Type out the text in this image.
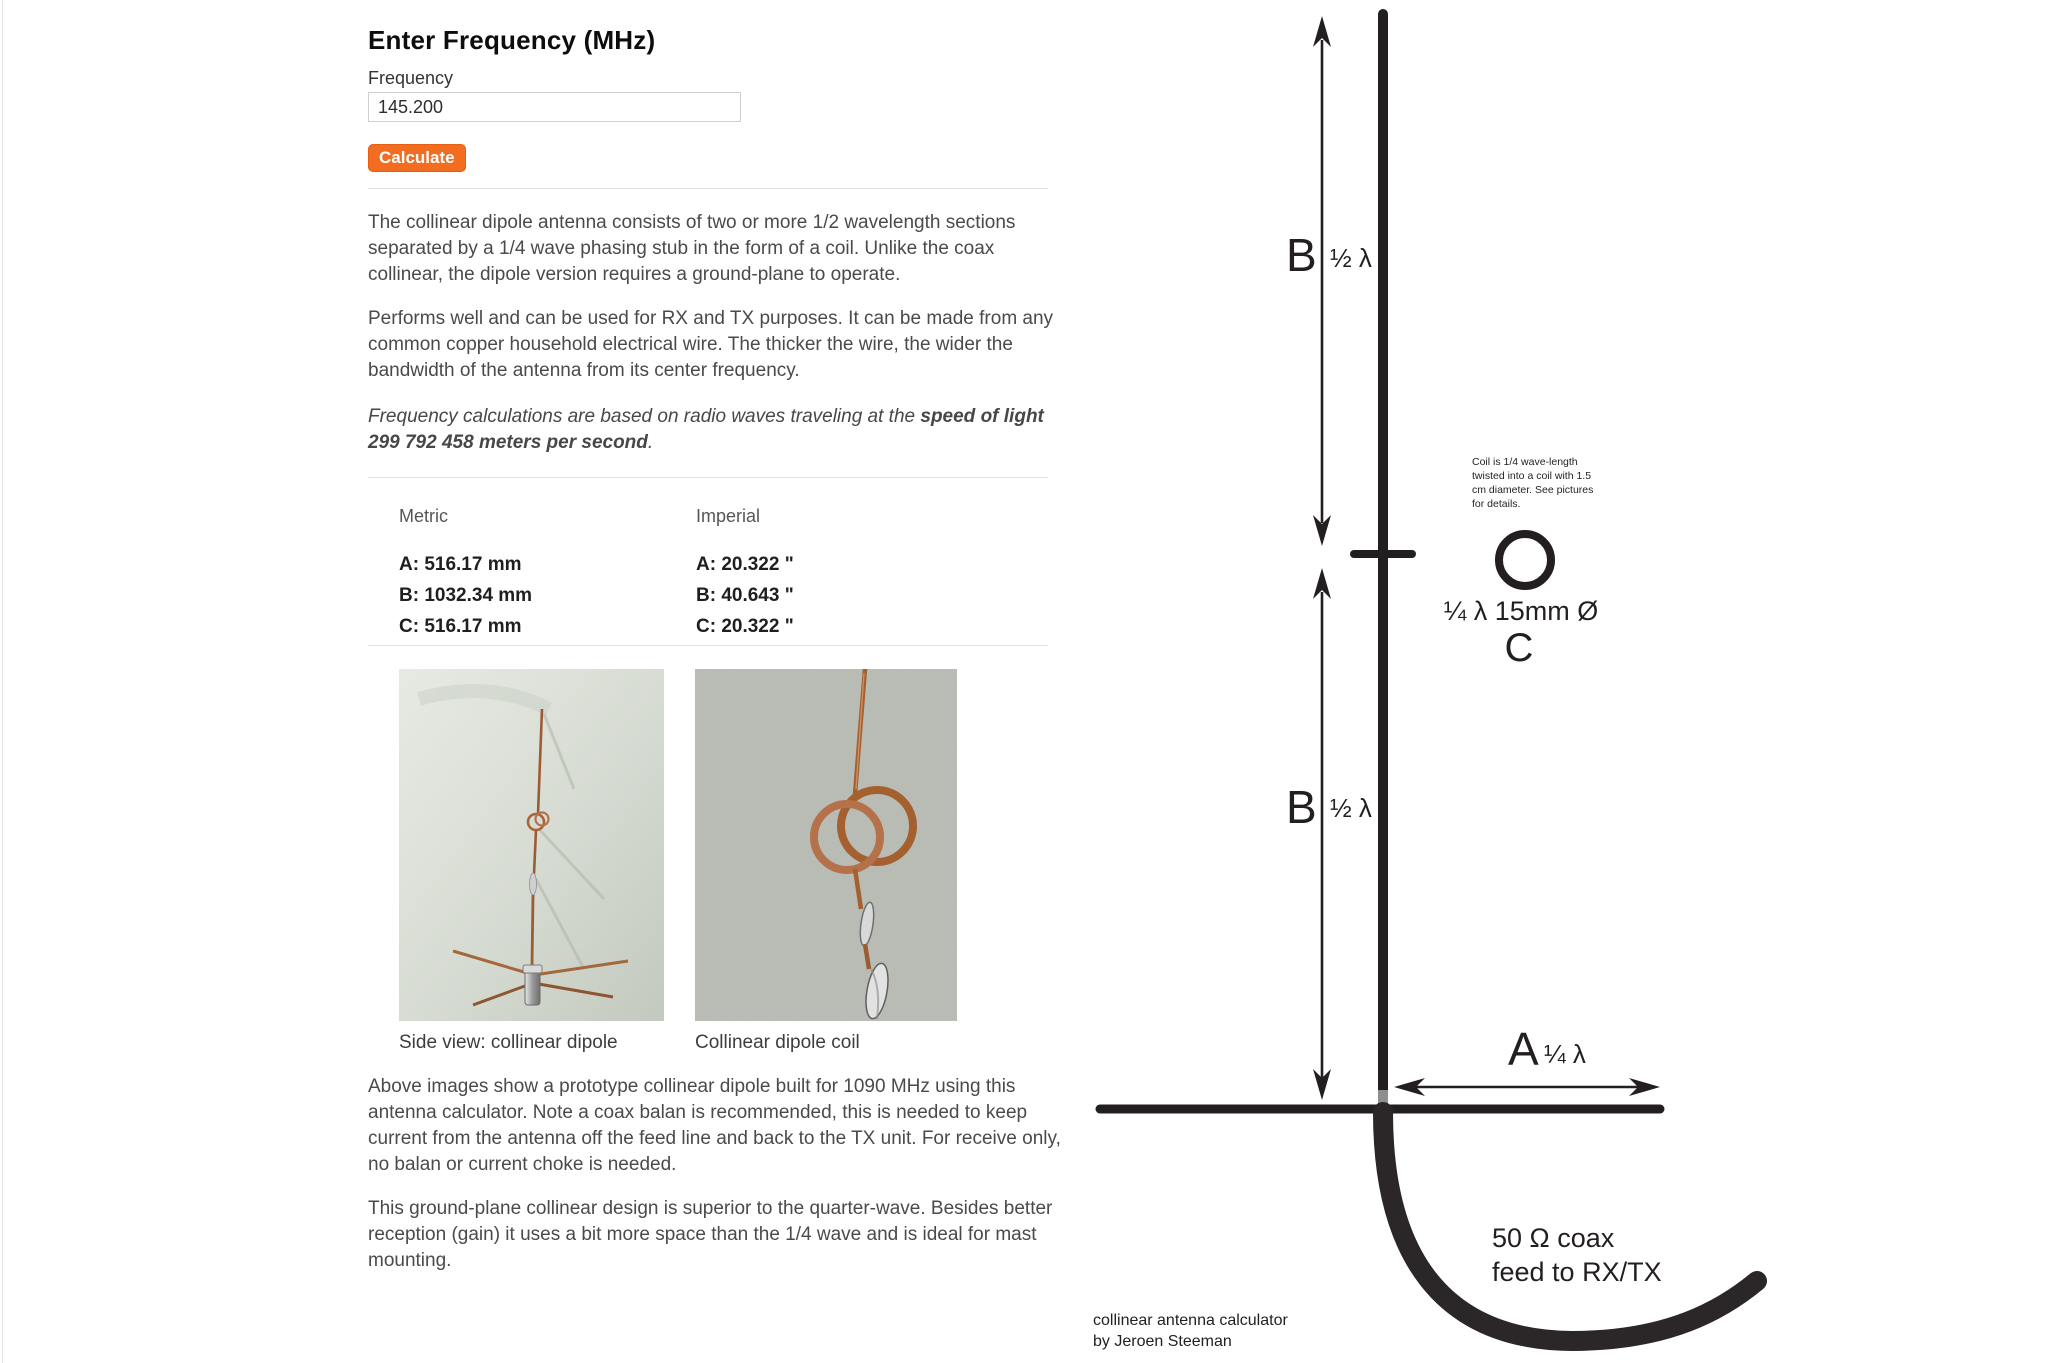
Enter Frequency (MHz)
Frequency
145.200
Calculate

The collinear dipole antenna consists of two or more 1/2 wavelength sections separated by a 1/4 wave phasing stub in the form of a coil. Unlike the coax collinear, the dipole version requires a ground-plane to operate.

Performs well and can be used for RX and TX purposes. It can be made from any common copper household electrical wire. The thicker the wire, the wider the bandwidth of the antenna from its center frequency.

Frequency calculations are based on radio waves traveling at the speed of light 299 792 458 meters per second.

Metric	Imperial
A: 516.17 mm
B: 1032.34 mm
C: 516.17 mm
A: 20.322 "
B: 40.643 "
C: 20.322 "
Side view: collinear dipole	Collinear dipole coil

Above images show a prototype collinear dipole built for 1090 MHz using this antenna calculator. Note a coax balan is recommended, this is needed to keep current from the antenna off the feed line and back to the TX unit. For receive only, no balan or current choke is needed.

This ground-plane collinear design is superior to the quarter-wave. Besides better reception (gain) it uses a bit more space than the 1/4 wave and is ideal for mast mounting.

B ½ λ
B ½ λ
Coil is 1/4 wave-length
twisted into a coil with 1.5
cm diameter. See pictures
for details.
¼ λ 15mm Ø
C
A ¼ λ
50 Ω coax
feed to RX/TX
collinear antenna calculator
by Jeroen Steeman
